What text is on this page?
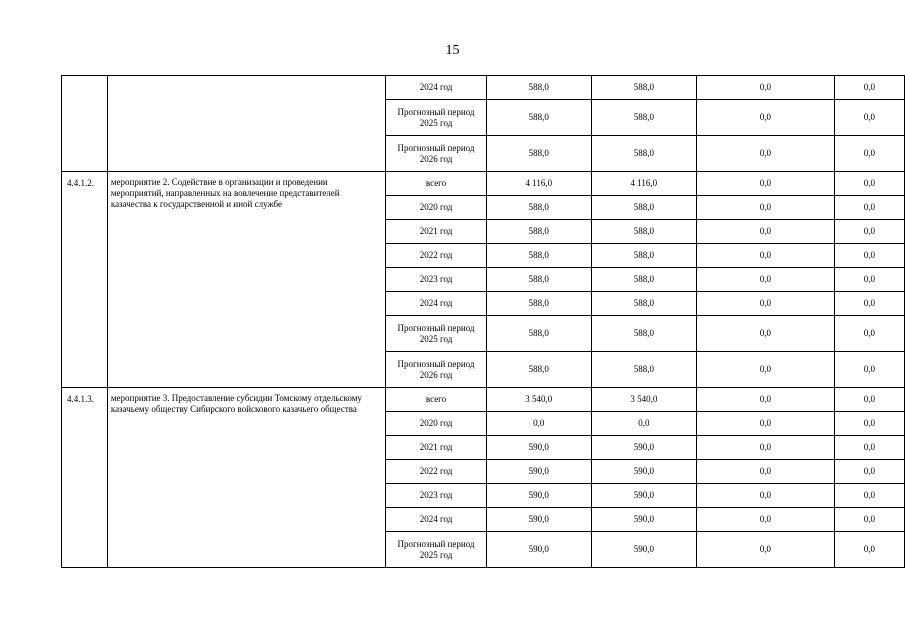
15
		2024 год	588,0	588,0	0,0	0,0
		Прогнозный период 2025 год	588,0	588,0	0,0	0,0
		Прогнозный период 2026 год	588,0	588,0	0,0	0,0
4.4.1.2.	мероприятие 2. Содействие в организации и проведении мероприятий, направленных на вовлечение представителей казачества к государственной и иной службе	всего	4 116,0	4 116,0	0,0	0,0
		2020 год	588,0	588,0	0,0	0,0
		2021 год	588,0	588,0	0,0	0,0
		2022 год	588,0	588,0	0,0	0,0
		2023 год	588,0	588,0	0,0	0,0
		2024 год	588,0	588,0	0,0	0,0
		Прогнозный период 2025 год	588,0	588,0	0,0	0,0
		Прогнозный период 2026 год	588,0	588,0	0,0	0,0
4.4.1.3.	мероприятие 3. Предоставление субсидии Томскому отдельскому казачьему обществу Сибирского войскового казачьего общества	всего	3 540,0	3 540,0	0,0	0,0
		2020 год	0,0	0,0	0,0	0,0
		2021 год	590,0	590,0	0,0	0,0
		2022 год	590,0	590,0	0,0	0,0
		2023 год	590,0	590,0	0,0	0,0
		2024 год	590,0	590,0	0,0	0,0
		Прогнозный период 2025 год	590,0	590,0	0,0	0,0
